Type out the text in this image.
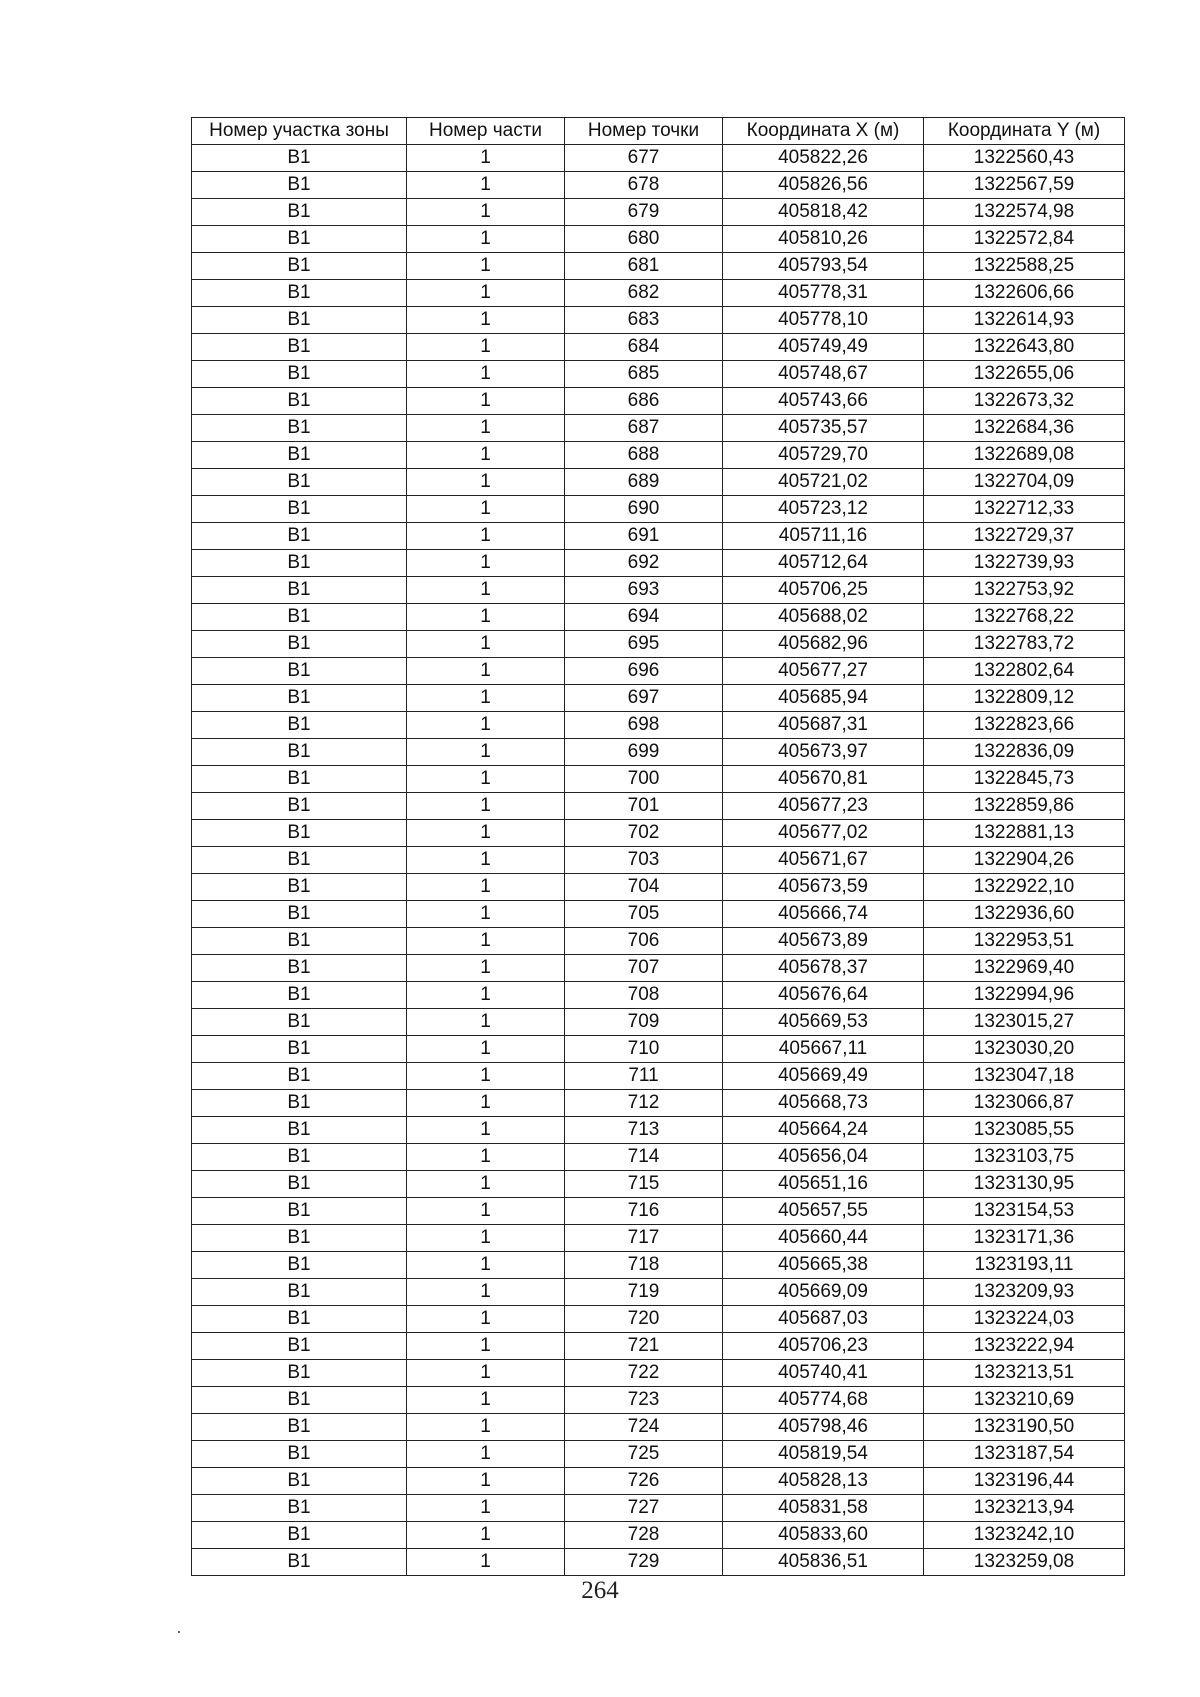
Номер участка зоны	Номер части	Номер точки	Координата X (м)	Координата Y (м)
В1	1	677	405822,26	1322560,43
В1	1	678	405826,56	1322567,59
В1	1	679	405818,42	1322574,98
В1	1	680	405810,26	1322572,84
В1	1	681	405793,54	1322588,25
В1	1	682	405778,31	1322606,66
В1	1	683	405778,10	1322614,93
В1	1	684	405749,49	1322643,80
В1	1	685	405748,67	1322655,06
В1	1	686	405743,66	1322673,32
В1	1	687	405735,57	1322684,36
В1	1	688	405729,70	1322689,08
В1	1	689	405721,02	1322704,09
В1	1	690	405723,12	1322712,33
В1	1	691	405711,16	1322729,37
В1	1	692	405712,64	1322739,93
В1	1	693	405706,25	1322753,92
В1	1	694	405688,02	1322768,22
В1	1	695	405682,96	1322783,72
В1	1	696	405677,27	1322802,64
В1	1	697	405685,94	1322809,12
В1	1	698	405687,31	1322823,66
В1	1	699	405673,97	1322836,09
В1	1	700	405670,81	1322845,73
В1	1	701	405677,23	1322859,86
В1	1	702	405677,02	1322881,13
В1	1	703	405671,67	1322904,26
В1	1	704	405673,59	1322922,10
В1	1	705	405666,74	1322936,60
В1	1	706	405673,89	1322953,51
В1	1	707	405678,37	1322969,40
В1	1	708	405676,64	1322994,96
В1	1	709	405669,53	1323015,27
В1	1	710	405667,11	1323030,20
В1	1	711	405669,49	1323047,18
В1	1	712	405668,73	1323066,87
В1	1	713	405664,24	1323085,55
В1	1	714	405656,04	1323103,75
В1	1	715	405651,16	1323130,95
В1	1	716	405657,55	1323154,53
В1	1	717	405660,44	1323171,36
В1	1	718	405665,38	1323193,11
В1	1	719	405669,09	1323209,93
В1	1	720	405687,03	1323224,03
В1	1	721	405706,23	1323222,94
В1	1	722	405740,41	1323213,51
В1	1	723	405774,68	1323210,69
В1	1	724	405798,46	1323190,50
В1	1	725	405819,54	1323187,54
В1	1	726	405828,13	1323196,44
В1	1	727	405831,58	1323213,94
В1	1	728	405833,60	1323242,10
В1	1	729	405836,51	1323259,08
264
